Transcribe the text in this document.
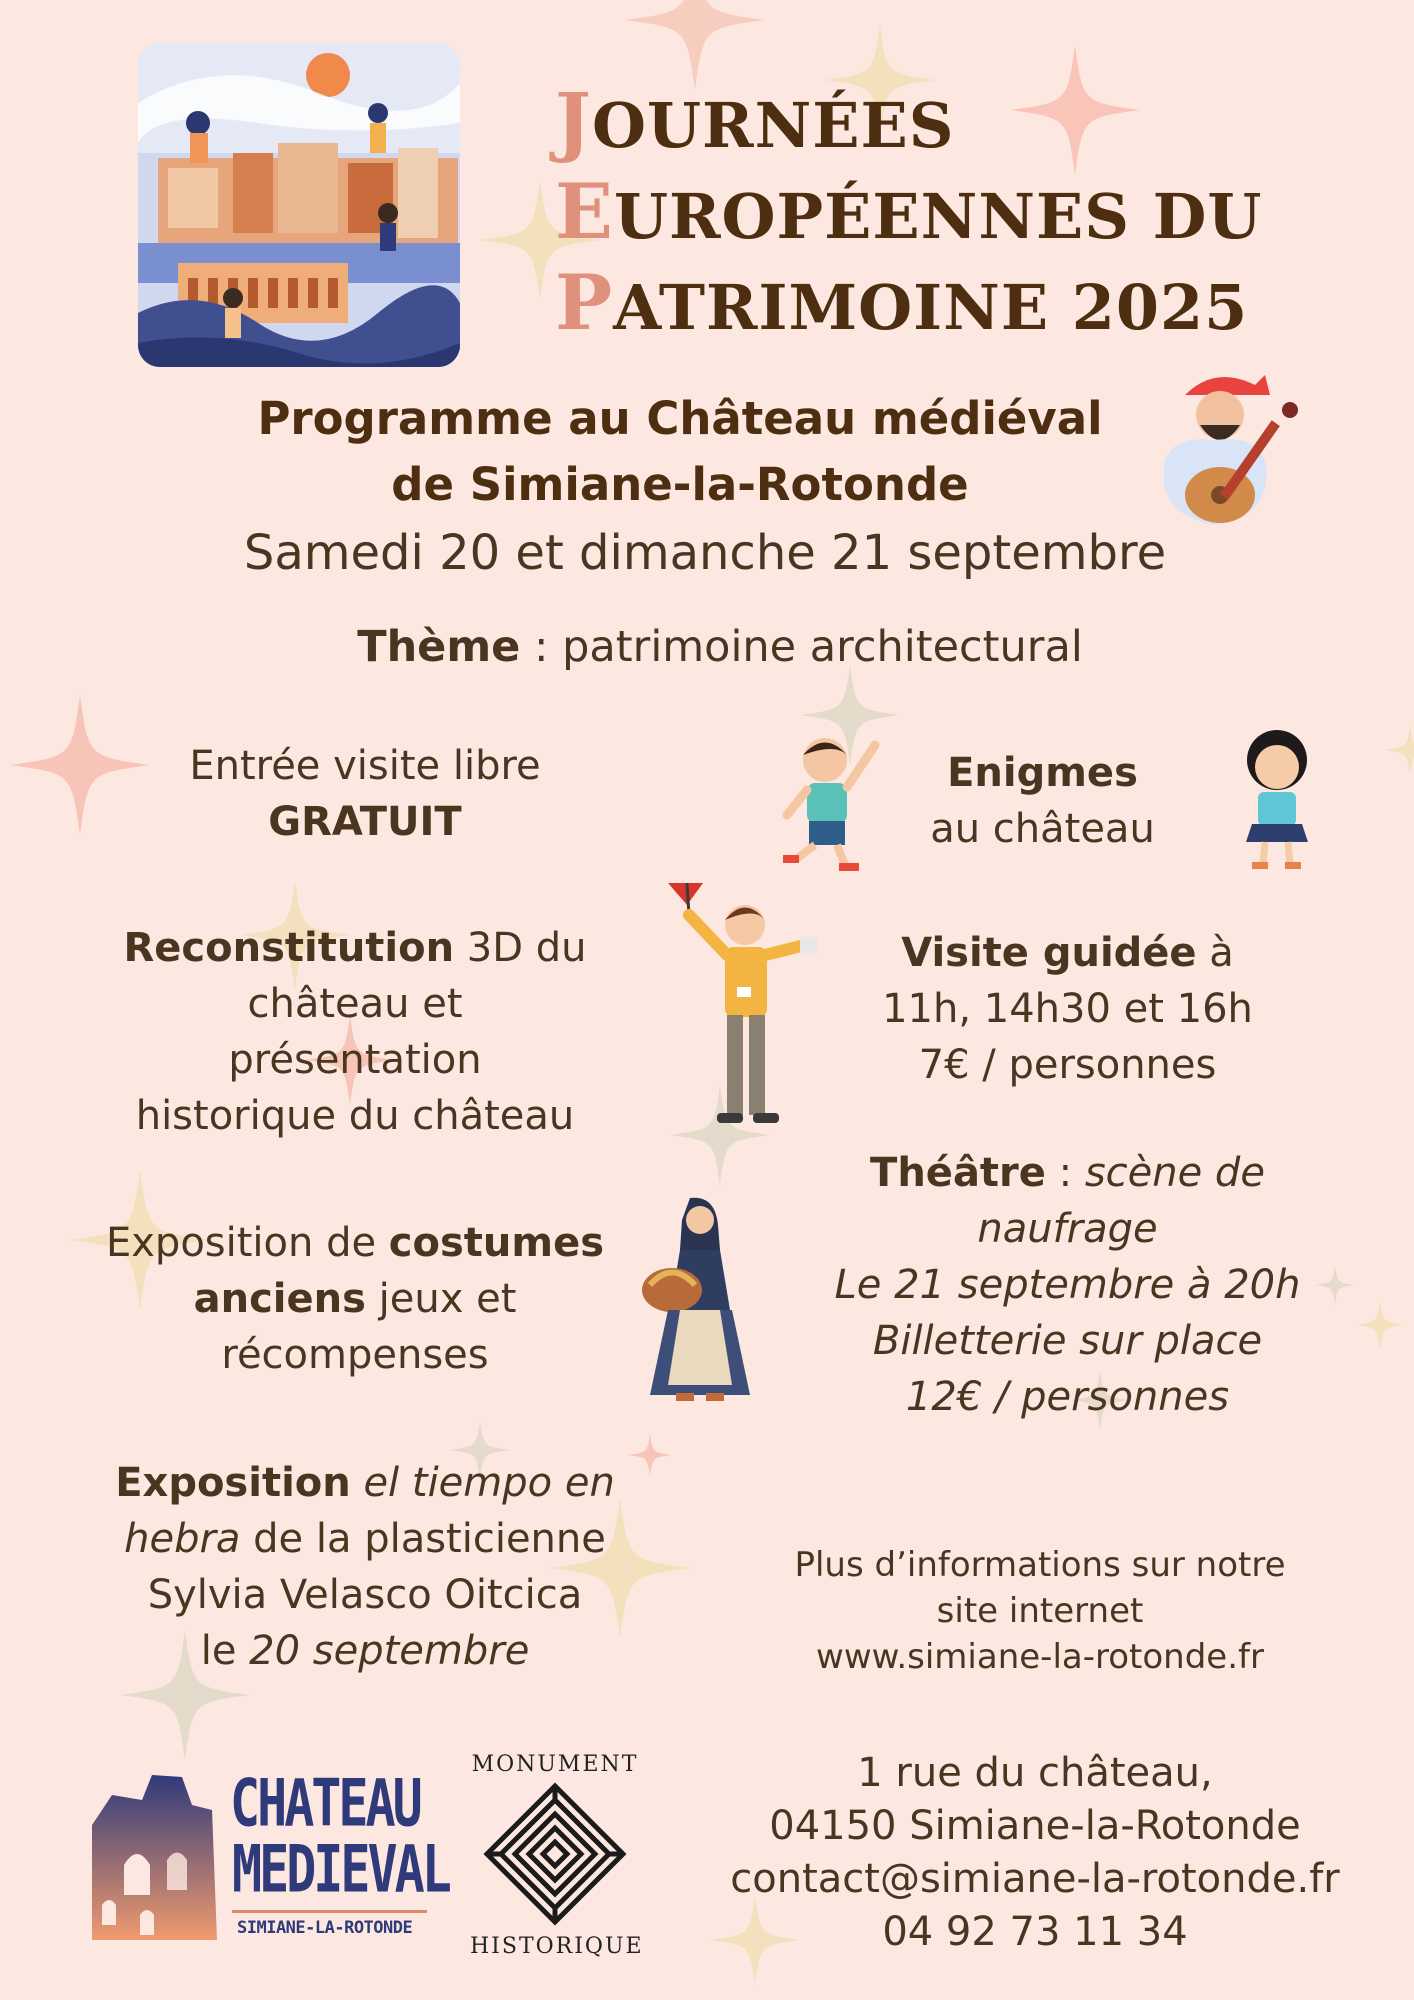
JOURNÉES
EUROPÉENNES DU
PATRIMOINE 2025
Programme au Château médiéval
de Simiane-la-Rotonde
Samedi 20 et dimanche 21 septembre
Thème : patrimoine architectural
Entrée visite libre
GRATUIT
Enigmes
au château
Reconstitution 3D du
château et
présentation
historique du château
Visite guidée à
11h, 14h30 et 16h
7€ / personnes
Théâtre : scène de
naufrage
Le 21 septembre à 20h
Billetterie sur place
12€ / personnes
Exposition de costumes
anciens jeux et
récompenses
Exposition el tiempo en
hebra de la plasticienne
Sylvia Velasco Oitcica
le 20 septembre
Plus d’informations sur notre
site internet
www.simiane-la-rotonde.fr
CHATEAU
MEDIEVAL
SIMIANE-LA-ROTONDE
MONUMENT
HISTORIQUE
1 rue du château,
04150 Simiane-la-Rotonde
contact@simiane-la-rotonde.fr
04 92 73 11 34
